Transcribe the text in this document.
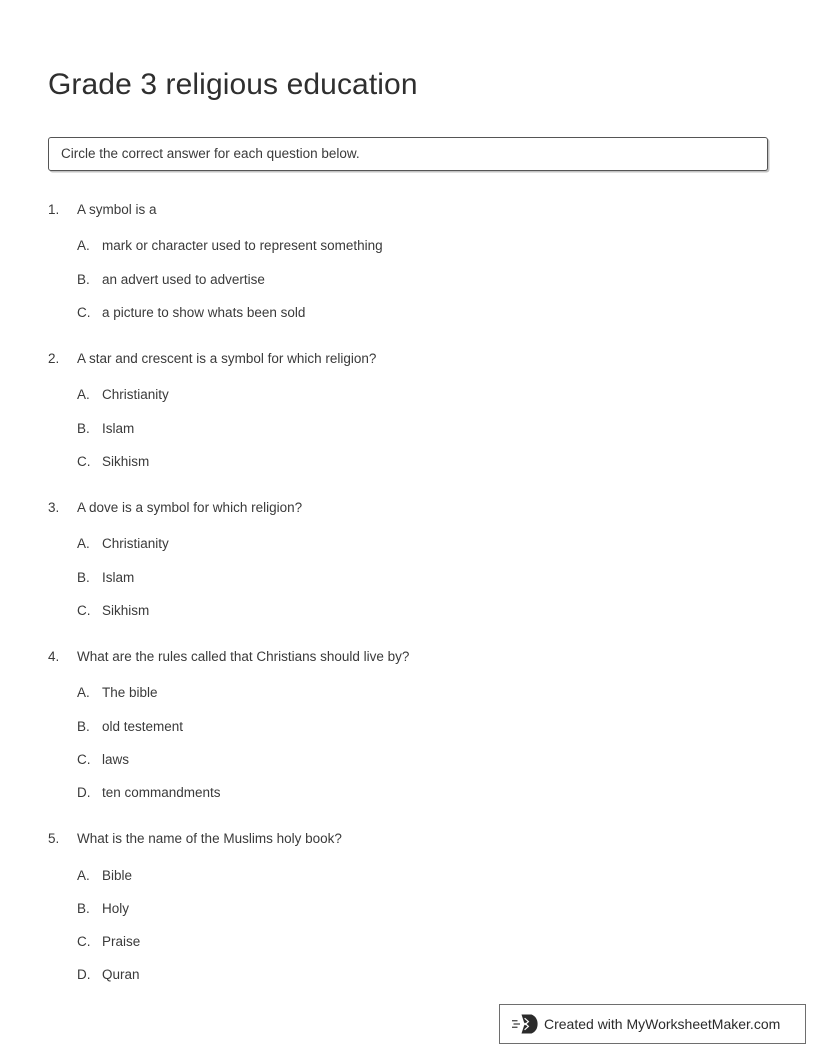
Grade 3 religious education
Circle the correct answer for each question below.
1.	A symbol is a
A. mark or character used to represent something
B. an advert used to advertise
C. a picture to show whats been sold
2.	A star and crescent is a symbol for which religion?
A. Christianity
B. Islam
C. Sikhism
3.	A dove is a symbol for which religion?
A. Christianity
B. Islam
C. Sikhism
4.	What are the rules called that Christians should live by?
A. The bible
B. old testement
C. laws
D. ten commandments
5.	What is the name of the Muslims holy book?
A. Bible
B. Holy
C. Praise
D. Quran
Created with MyWorksheetMaker.com
